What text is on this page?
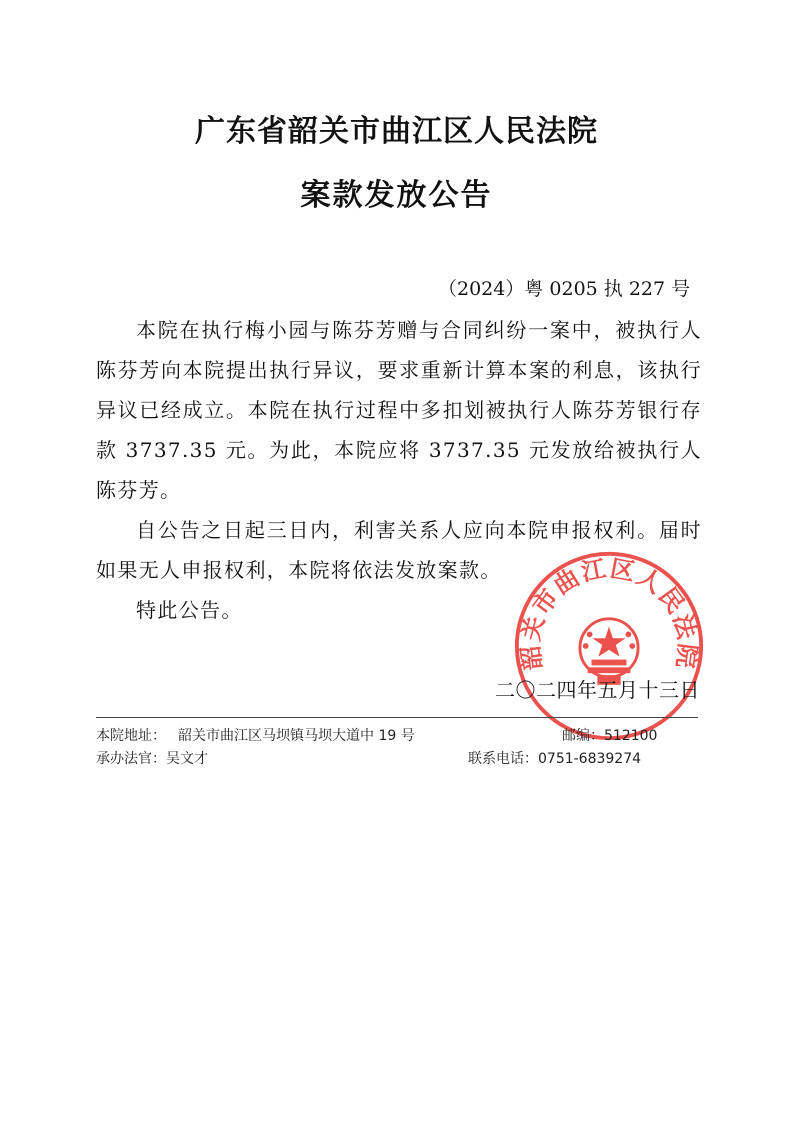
广东省韶关市曲江区人民法院
案款发放公告
（2024）粤 0205 执 227 号

本院在执行梅小园与陈芬芳赠与合同纠纷一案中，被执行人陈芬芳向本院提出执行异议，要求重新计算本案的利息，该执行异议已经成立。本院在执行过程中多扣划被执行人陈芬芳银行存款 3737.35 元。为此，本院应将 3737.35 元发放给被执行人陈芬芳。

自公告之日起三日内，利害关系人应向本院申报权利。届时如果无人申报权利，本院将依法发放案款。

特此公告。

韶关市曲江区人民法院
二〇二四年五月十三日
本院地址： 韶关市曲江区马坝镇马坝大道中 19 号	邮编：512100
承办法官：吴文才	联系电话：0751-6839274
